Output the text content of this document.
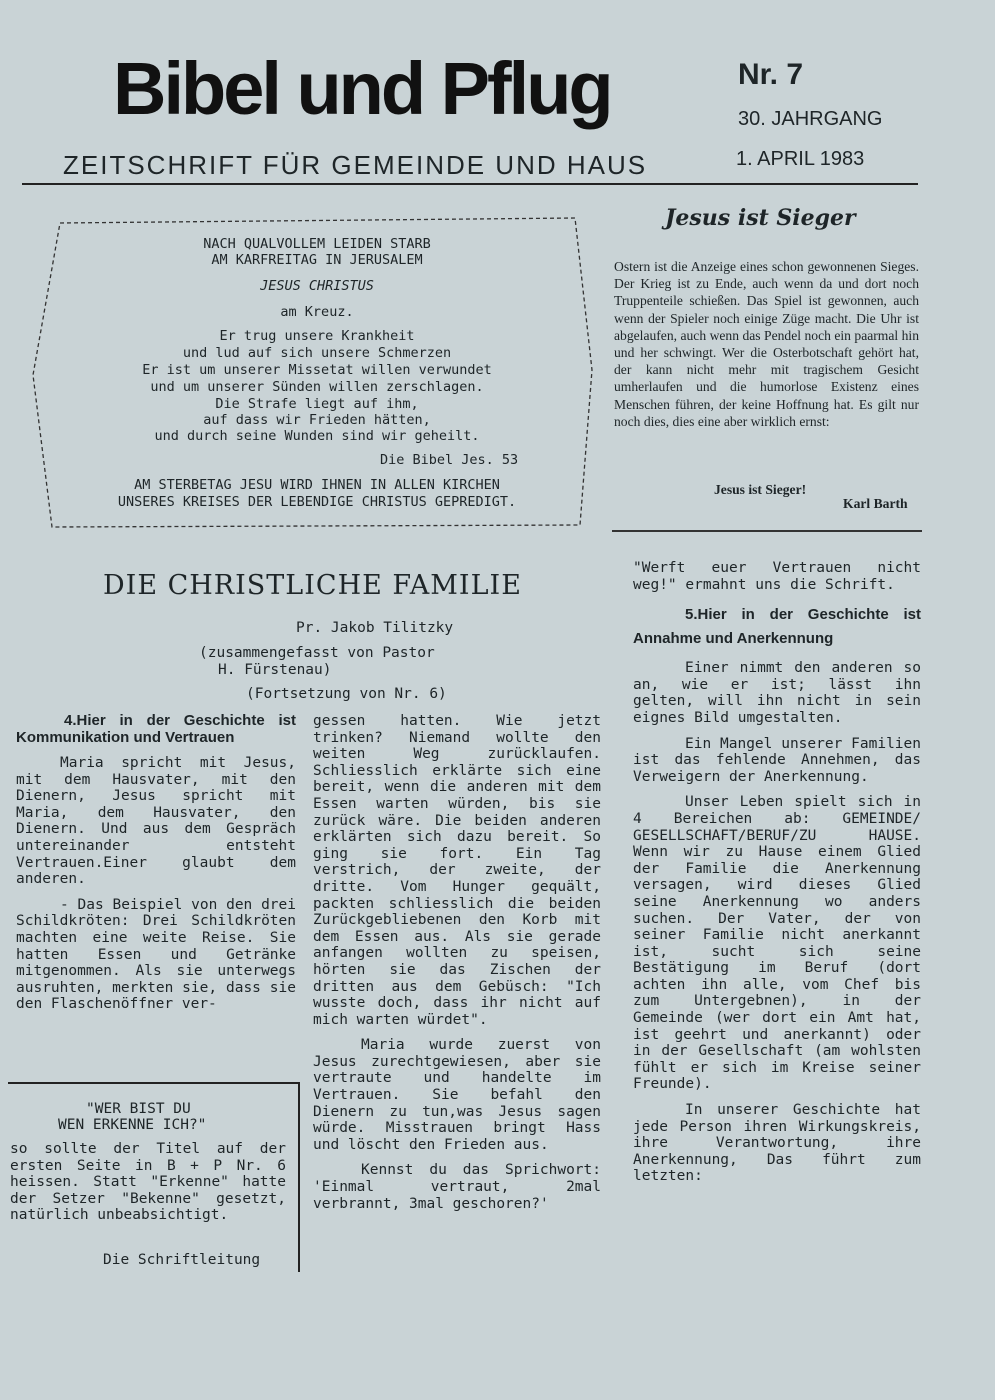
Bibel und Pflug	Nr. 7
30. JAHRGANG
ZEITSCHRIFT FÜR GEMEINDE UND HAUS	1. APRIL 1983
NACH QUALVOLLEM LEIDEN STARB
AM KARFREITAG IN JERUSALEM
JESUS CHRISTUS
am Kreuz.
Er trug unsere Krankheit
und lud auf sich unsere Schmerzen
Er ist um unserer Missetat willen verwundet
und um unserer Sünden willen zerschlagen.
Die Strafe liegt auf ihm,
auf dass wir Frieden hätten,
und durch seine Wunden sind wir geheilt.
Die Bibel Jes. 53
AM STERBETAG JESU WIRD IHNEN IN ALLEN KIRCHEN
UNSERES KREISES DER LEBENDIGE CHRISTUS GEPREDIGT.
Jesus ist Sieger
Ostern ist die Anzeige eines schon gewonnenen Sieges. Der Krieg ist zu Ende, auch wenn da und dort noch Truppenteile schießen. Das Spiel ist gewonnen, auch wenn der Spieler noch einige Züge macht. Die Uhr ist abgelaufen, auch wenn das Pendel noch ein paarmal hin und her schwingt. Wer die Osterbotschaft gehört hat, der kann nicht mehr mit tragischem Gesicht umherlaufen und die humorlose Existenz eines Menschen führen, der keine Hoffnung hat. Es gilt nur noch dies, dies eine aber wirklich ernst:
Jesus ist Sieger!
Karl Barth
DIE CHRISTLICHE FAMILIE
Pr. Jakob Tilitzky
(zusammengefasst von Pastor
H. Fürstenau)
(Fortsetzung von Nr. 6)

4.Hier in der Geschichte ist Kommunikation und Vertrauen

Maria spricht mit Jesus, mit dem Hausvater, mit den Dienern, Jesus spricht mit Maria, dem Hausvater, den Dienern. Und aus dem Gespräch untereinander entsteht Vertrauen.Einer glaubt dem anderen.

- Das Beispiel von den drei Schildkröten: Drei Schildkröten machten eine weite Reise. Sie hatten Essen und Getränke mitgenommen. Als sie unterwegs ausruhten, merkten sie, dass sie den Flaschenöffner ver-

"WER BIST DU
WEN ERKENNE ICH?"
so sollte der Titel auf der ersten Seite in B + P Nr. 6 heissen. Statt "Erkenne" hatte der Setzer "Bekenne" gesetzt, natürlich unbeabsichtigt.
Die Schriftleitung

gessen hatten. Wie jetzt trinken? Niemand wollte den weiten Weg zurücklaufen. Schliesslich erklärte sich eine bereit, wenn die anderen mit dem Essen warten würden, bis sie zurück wäre. Die beiden anderen erklärten sich dazu bereit. So ging sie fort. Ein Tag verstrich, der zweite, der dritte. Vom Hunger gequält, packten schliesslich die beiden Zurückgebliebenen den Korb mit dem Essen aus. Als sie gerade anfangen wollten zu speisen, hörten sie das Zischen der dritten aus dem Gebüsch: "Ich wusste doch, dass ihr nicht auf mich warten würdet".

Maria wurde zuerst von Jesus zurechtgewiesen, aber sie vertraute und handelte im Vertrauen. Sie befahl den Dienern zu tun,was Jesus sagen würde. Misstrauen bringt Hass und löscht den Frieden aus.

Kennst du das Sprichwort: 'Einmal vertraut, 2mal verbrannt, 3mal geschoren?'

"Werft euer Vertrauen nicht weg!" ermahnt uns die Schrift.

5.Hier in der Geschichte ist Annahme und Anerkennung

Einer nimmt den anderen so an, wie er ist; lässt ihn gelten, will ihn nicht in sein eignes Bild umgestalten.

Ein Mangel unserer Familien ist das fehlende Annehmen, das Verweigern der Anerkennung.

Unser Leben spielt sich in 4 Bereichen ab: GEMEINDE/ GESELLSCHAFT/BERUF/ZU HAUSE. Wenn wir zu Hause einem Glied der Familie die Anerkennung versagen, wird dieses Glied seine Anerkennung wo anders suchen. Der Vater, der von seiner Familie nicht anerkannt ist, sucht sich seine Bestätigung im Beruf (dort achten ihn alle, vom Chef bis zum Untergebnen), in der Gemeinde (wer dort ein Amt hat, ist geehrt und anerkannt) oder in der Gesellschaft (am wohlsten fühlt er sich im Kreise seiner Freunde).

In unserer Geschichte hat jede Person ihren Wirkungskreis, ihre Verantwortung, ihre Anerkennung, Das führt zum letzten:
